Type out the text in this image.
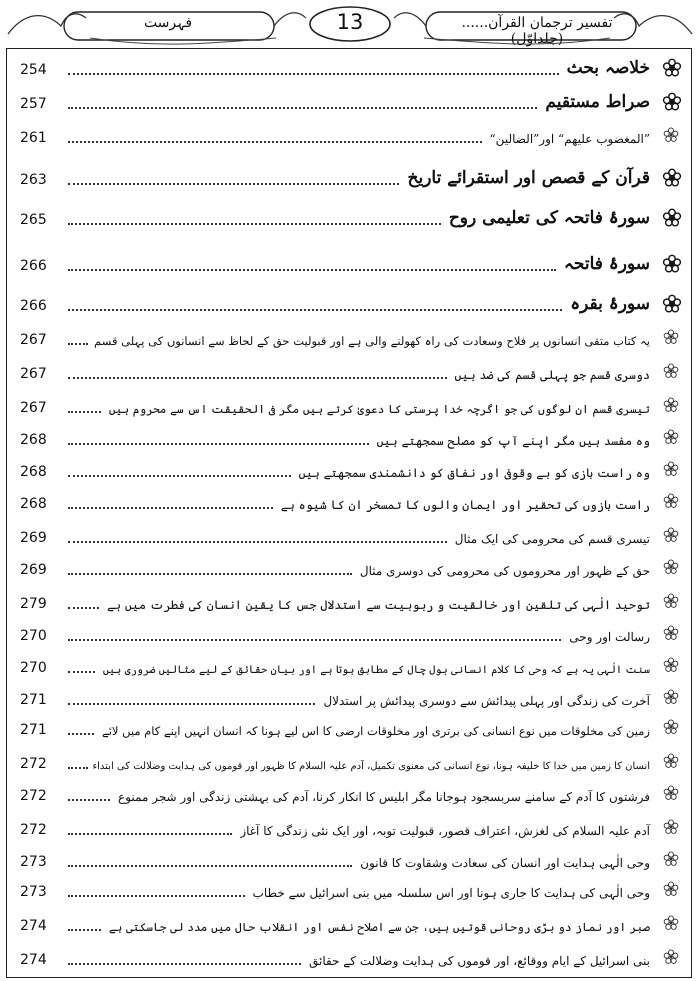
فہرست	13	تفسیر ترجمان القرآن......(جلداوّل)
254	خلاصہ بحث
257	صراط مستقیم
261	”المغضوب علیھم“ اور”الضالین“
263	قرآن کے قصص اور استقرائے تاریخ
265	سورۂ فاتحہ کی تعلیمی روح
266	سورۂ فاتحہ
266	سورۂ بقرہ
267	یہ کتاب متقی انسانوں پر فلاح وسعادت کی راہ کھولنے والی ہے اور قبولیت حق کے لحاظ سے انسانوں کی پہلی قسم
267	دوسری قسم جو پہلی قسم کی ضد ہیں
267	تیسری قسم ان لوگوں کی جو اگرچہ خدا پرستی کا دعویٰ کرتے ہیں مگر فی الحقیقت اس سے محروم ہیں
268	وہ مفسد ہیں مگر اپنے آپ کو مصلح سمجھتے ہیں
268	وہ راست بازی کو بے وقوفی اور نفاق کو دانشمندی سمجھتے ہیں
268	راست بازوں کی تحقیر اور ایمان والوں کا تمسخر ان کا شیوہ ہے
269	تیسری قسم کی محرومی کی ایک مثال
269	حق کے ظہور اور محروموں کی محرومی کی دوسری مثال
279	توحید الٰہی کی تلقین اور خالقیت و ربوبیت سے استدلال جس کا یقین انسان کی فطرت میں ہے
270	رسالت اور وحی
270	سنت الٰہی یہ ہے کہ وحی کا کلام انسانی بول چال کے مطابق ہوتا ہے اور بیان حقائق کے لیے مثالیں ضروری ہیں
271	آخرت کی زندگی اور پہلی پیدائش سے دوسری پیدائش پر استدلال
271	زمین کی مخلوقات میں نوع انسانی کی برتری اور مخلوقات ارضی کا اس لیے ہونا کہ انسان انہیں اپنے کام میں لائے
272	انسان کا زمین میں خدا کا خلیفہ ہونا، نوع انسانی کی معنوی تکمیل، آدم علیہ السلام کا ظہور اور قوموں کی ہدایت وضلالت کی ابتداء
272	فرشتوں کا آدم کے سامنے سربسجود ہوجانا مگر ابلیس کا انکار کرنا، آدم کی بہشتی زندگی اور شجر ممنوع
272	آدم علیہ السلام کی لغزش، اعتراف قصور، قبولیت توبہ، اور ایک نئی زندگی کا آغاز
273	وحی الٰہی ہدایت اور انسان کی سعادت وشقاوت کا قانون
273	وحی الٰہی کی ہدایت کا جاری ہونا اور اس سلسلہ میں بنی اسرائیل سے خطاب
274	صبر اور نماز دو بڑی روحانی قوتیں ہیں، جن سے اصلاح نفس اور انقلاب حال میں مدد لی جاسکتی ہے
274	بنی اسرائیل کے ایام ووقائع، اور قوموں کی ہدایت وضلالت کے حقائق
